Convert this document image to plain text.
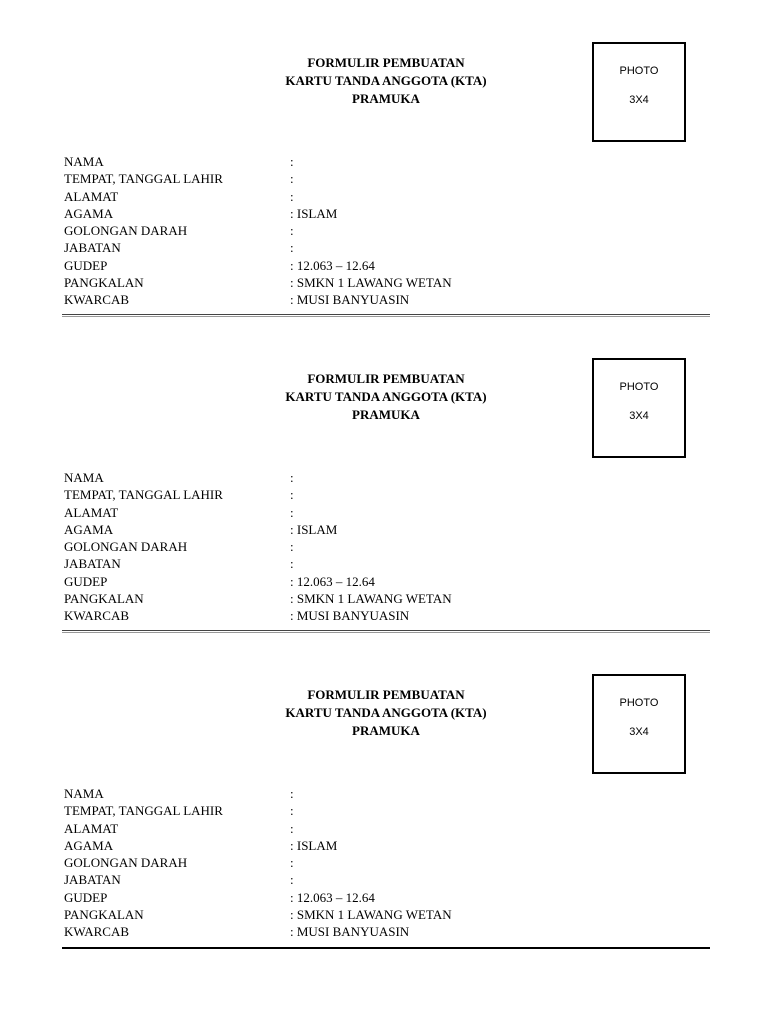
FORMULIR PEMBUATAN
KARTU TANDA ANGGOTA (KTA)
PRAMUKA
PHOTO
3X4
NAMA	:
TEMPAT, TANGGAL LAHIR	:
ALAMAT	:
AGAMA	: ISLAM
GOLONGAN DARAH	:
JABATAN	:
GUDEP	: 12.063 – 12.64
PANGKALAN	: SMKN 1 LAWANG WETAN
KWARCAB	: MUSI BANYUASIN
FORMULIR PEMBUATAN
KARTU TANDA ANGGOTA (KTA)
PRAMUKA
PHOTO
3X4
NAMA	:
TEMPAT, TANGGAL LAHIR	:
ALAMAT	:
AGAMA	: ISLAM
GOLONGAN DARAH	:
JABATAN	:
GUDEP	: 12.063 – 12.64
PANGKALAN	: SMKN 1 LAWANG WETAN
KWARCAB	: MUSI BANYUASIN
FORMULIR PEMBUATAN
KARTU TANDA ANGGOTA (KTA)
PRAMUKA
PHOTO
3X4
NAMA	:
TEMPAT, TANGGAL LAHIR	:
ALAMAT	:
AGAMA	: ISLAM
GOLONGAN DARAH	:
JABATAN	:
GUDEP	: 12.063 – 12.64
PANGKALAN	: SMKN 1 LAWANG WETAN
KWARCAB	: MUSI BANYUASIN
